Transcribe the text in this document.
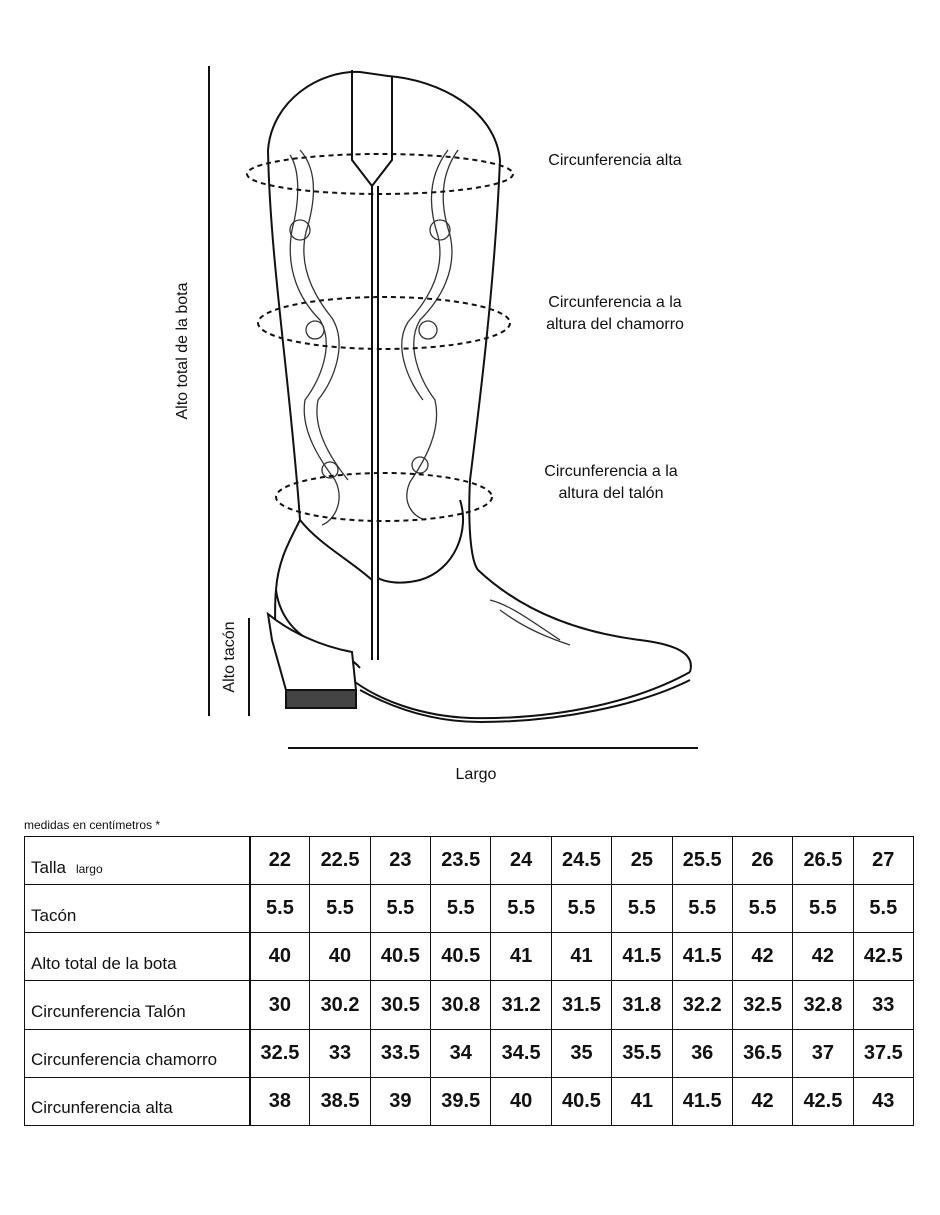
Circunferencia alta
Circunferencia a la
altura del chamorro
Circunferencia a la
altura del talón
Alto total de la bota
Alto tacón
Largo
medidas en centímetros *
Talla largo	22	22.5	23	23.5	24	24.5	25	25.5	26	26.5	27
Tacón	5.5	5.5	5.5	5.5	5.5	5.5	5.5	5.5	5.5	5.5	5.5
Alto total de la bota	40	40	40.5	40.5	41	41	41.5	41.5	42	42	42.5
Circunferencia Talón	30	30.2	30.5	30.8	31.2	31.5	31.8	32.2	32.5	32.8	33
Circunferencia chamorro	32.5	33	33.5	34	34.5	35	35.5	36	36.5	37	37.5
Circunferencia alta	38	38.5	39	39.5	40	40.5	41	41.5	42	42.5	43
